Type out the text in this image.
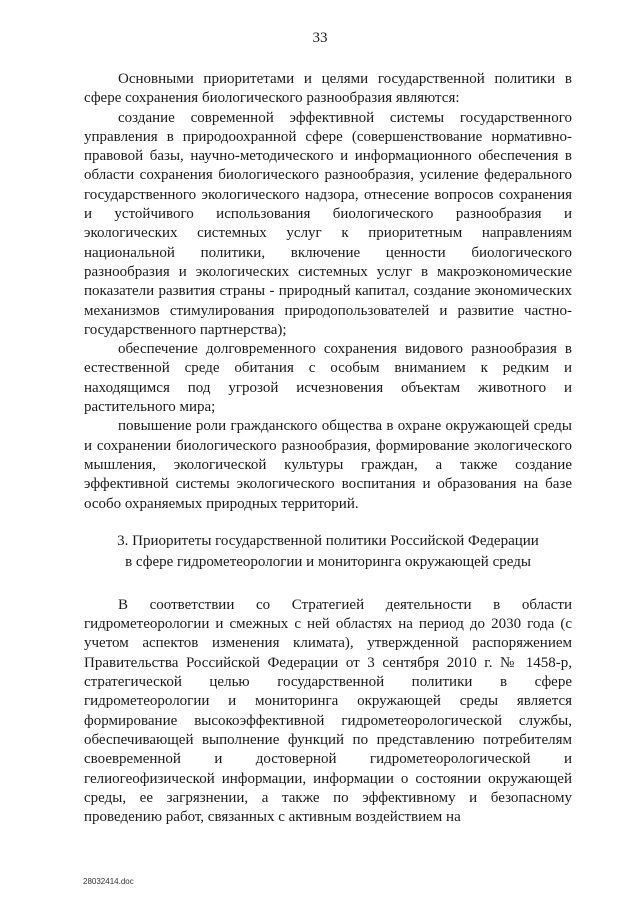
33

Основными приоритетами и целями государственной политики в сфере сохранения биологического разнообразия являются:

создание современной эффективной системы государственного управления в природоохранной сфере (совершенствование нормативно-правовой базы, научно-методического и информационного обеспечения в области сохранения биологического разнообразия, усиление федерального государственного экологического надзора, отнесение вопросов сохранения и устойчивого использования биологического разнообразия и экологических системных услуг к приоритетным направлениям национальной политики, включение ценности биологического разнообразия и экологических системных услуг в макроэкономические показатели развития страны - природный капитал, создание экономических механизмов стимулирования природопользователей и развитие частно-государственного партнерства);

обеспечение долговременного сохранения видового разнообразия в естественной среде обитания с особым вниманием к редким и находящимся под угрозой исчезновения объектам животного и растительного мира;

повышение роли гражданского общества в охране окружающей среды и сохранении биологического разнообразия, формирование экологического мышления, экологической культуры граждан, а также создание эффективной системы экологического воспитания и образования на базе особо охраняемых природных территорий.

3. Приоритеты государственной политики Российской Федерации
в сфере гидрометеорологии и мониторинга окружающей среды

В соответствии со Стратегией деятельности в области гидрометеорологии и смежных с ней областях на период до 2030 года (с учетом аспектов изменения климата), утвержденной распоряжением Правительства Российской Федерации от 3 сентября 2010 г. № 1458-р, стратегической целью государственной политики в сфере гидрометеорологии и мониторинга окружающей среды является формирование высокоэффективной гидрометеорологической службы, обеспечивающей выполнение функций по представлению потребителям своевременной и достоверной гидрометеорологической и гелиогеофизической информации, информации о состоянии окружающей среды, ее загрязнении, а также по эффективному и безопасному проведению работ, связанных с активным воздействием на

28032414.doc
